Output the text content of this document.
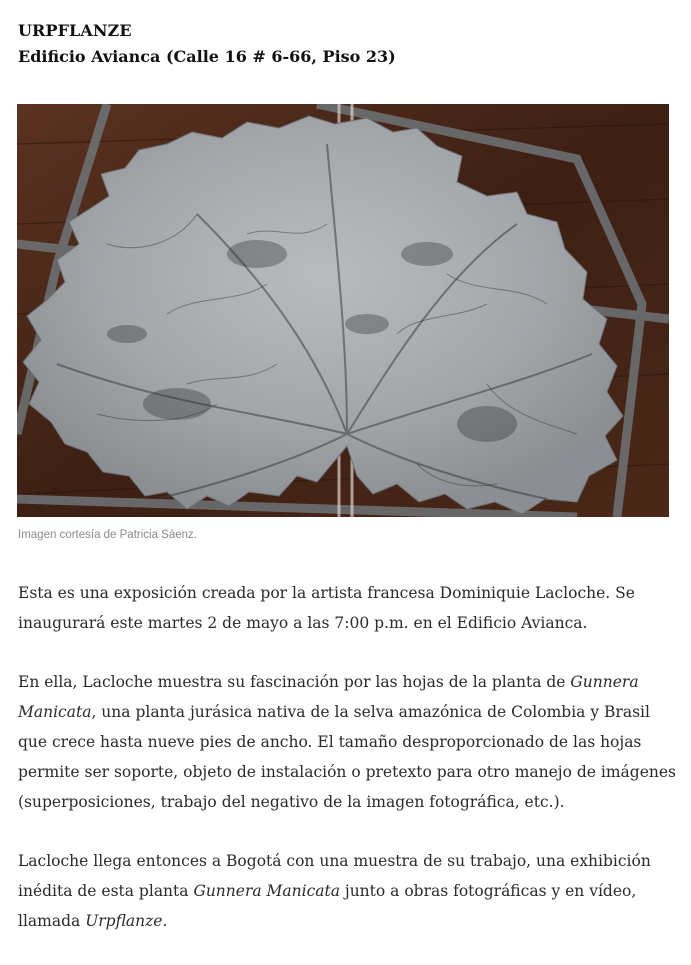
URPFLANZE
Edificio Avianca (Calle 16 # 6-66, Piso 23)
Imagen cortesía de Patricia Sáenz.

Esta es una exposición creada por la artista francesa Dominiquie Lacloche. Se inaugurará este martes 2 de mayo a las 7:00 p.m. en el Edificio Avianca.

En ella, Lacloche muestra su fascinación por las hojas de la planta de Gunnera Manicata, una planta jurásica nativa de la selva amazónica de Colombia y Brasil que crece hasta nueve pies de ancho. El tamaño desproporcionado de las hojas permite ser soporte, objeto de instalación o pretexto para otro manejo de imágenes (superposiciones, trabajo del negativo de la imagen fotográfica, etc.).

Lacloche llega entonces a Bogotá con una muestra de su trabajo, una exhibición inédita de esta planta Gunnera Manicata junto a obras fotográficas y en vídeo, llamada Urpflanze.
